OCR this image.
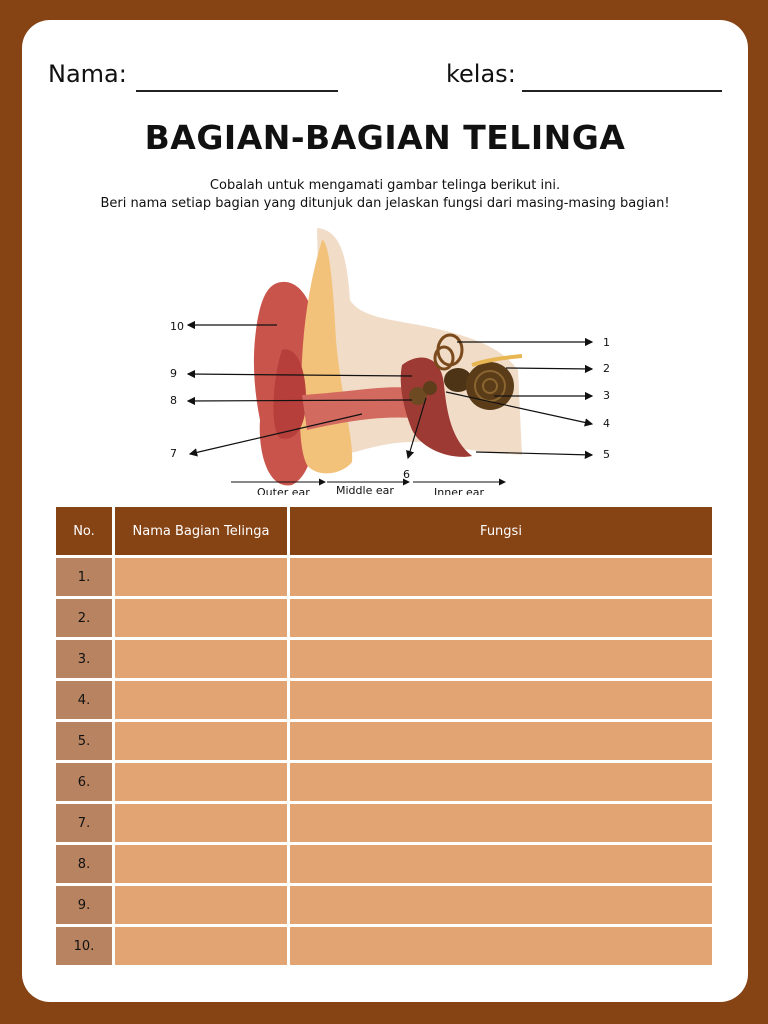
Nama:	kelas:
BAGIAN-BAGIAN TELINGA
Cobalah untuk mengamati gambar telinga berikut ini.
Beri nama setiap bagian yang ditunjuk dan jelaskan fungsi dari masing-masing bagian!
10
9
8
7
6
1
2
3
4
5
Outer ear Middle ear	Inner ear
No.	Nama Bagian Telinga	Fungsi
1.		
2.		
3.		
4.		
5.		
6.		
7.		
8.		
9.		
10.		
